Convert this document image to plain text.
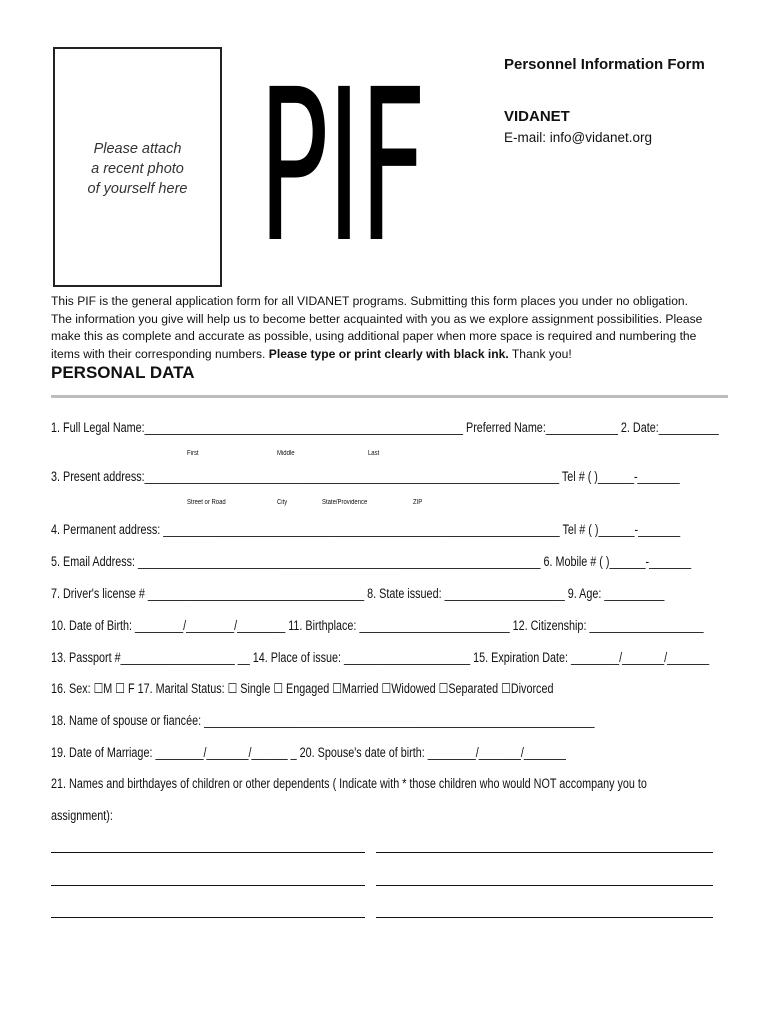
Please attach
a recent photo
of yourself here PIF	Personnel Information Form
VIDANET
E-mail: info@vidanet.org
This PIF is the general application form for all VIDANET programs. Submitting this form places you under no obligation.
The information you give will help us to become better acquainted with you as we explore assignment possibilities. Please
make this as complete and accurate as possible, using additional paper when more space is required and numbering the
items with their corresponding numbers. Please type or print clearly with black ink. Thank you!
PERSONAL DATA
1. Full Legal Name:_____________________________________________________ Preferred Name:____________ 2. Date:__________
First	Middle	Last
3. Present address:_____________________________________________________________________ Tel # ( )______-_______
Street or Road	City	State/Providence	ZIP
4. Permanent address: __________________________________________________________________ Tel # ( )______-_______
5. Email Address: ___________________________________________________________________ 6. Mobile # ( )______-_______
7. Driver's license # ____________________________________ 8. State issued: ____________________ 9. Age: __________
10. Date of Birth: ________/________/________ 11. Birthplace: _________________________ 12. Citizenship: ___________________
13. Passport #___________________ __ 14. Place of issue: _____________________ 15. Expiration Date: ________/_______/_______
16. Sex: ☐M ☐ F 17. Marital Status: ☐ Single ☐ Engaged ☐Married ☐Widowed ☐Separated ☐Divorced
18. Name of spouse or fiancée: _________________________________________________________________
19. Date of Marriage: ________/_______/______ _ 20. Spouse's date of birth: ________/_______/_______
21. Names and birthdayes of children or other dependents ( Indicate with * those children who would NOT accompany you to
assignment):
